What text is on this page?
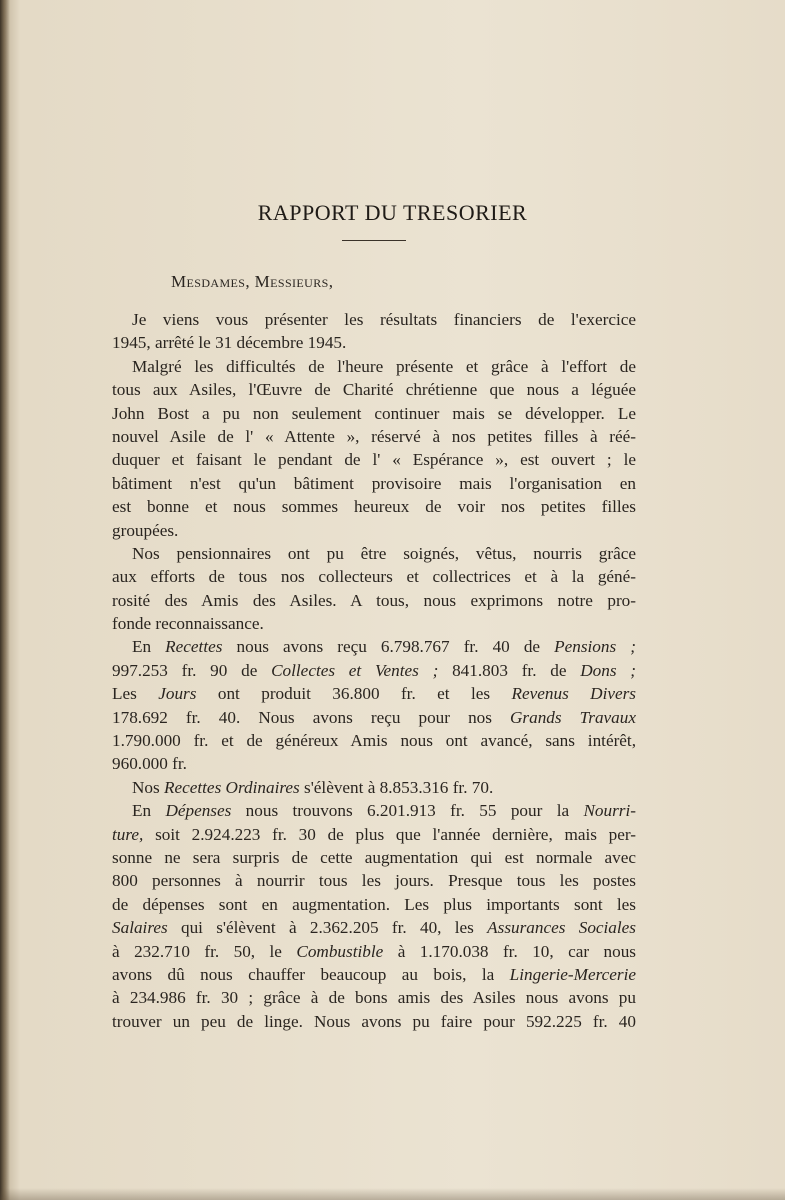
RAPPORT DU TRESORIER
Mesdames, Messieurs,
Je viens vous présenter les résultats financiers de l'exercice
1945, arrêté le 31 décembre 1945.
Malgré les difficultés de l'heure présente et grâce à l'effort de
tous aux Asiles, l'Œuvre de Charité chrétienne que nous a léguée
John Bost a pu non seulement continuer mais se développer. Le
nouvel Asile de l' « Attente », réservé à nos petites filles à réé-
duquer et faisant le pendant de l' « Espérance », est ouvert ; le
bâtiment n'est qu'un bâtiment provisoire mais l'organisation en
est bonne et nous sommes heureux de voir nos petites filles
groupées.
Nos pensionnaires ont pu être soignés, vêtus, nourris grâce
aux efforts de tous nos collecteurs et collectrices et à la géné-
rosité des Amis des Asiles. A tous, nous exprimons notre pro-
fonde reconnaissance.
En Recettes nous avons reçu 6.798.767 fr. 40 de Pensions ;
997.253 fr. 90 de Collectes et Ventes ; 841.803 fr. de Dons ;
Les Jours ont produit 36.800 fr. et les Revenus Divers
178.692 fr. 40. Nous avons reçu pour nos Grands Travaux
1.790.000 fr. et de généreux Amis nous ont avancé, sans intérêt,
960.000 fr.
Nos Recettes Ordinaires s'élèvent à 8.853.316 fr. 70.
En Dépenses nous trouvons 6.201.913 fr. 55 pour la Nourri-
ture, soit 2.924.223 fr. 30 de plus que l'année dernière, mais per-
sonne ne sera surpris de cette augmentation qui est normale avec
800 personnes à nourrir tous les jours. Presque tous les postes
de dépenses sont en augmentation. Les plus importants sont les
Salaires qui s'élèvent à 2.362.205 fr. 40, les Assurances Sociales
à 232.710 fr. 50, le Combustible à 1.170.038 fr. 10, car nous
avons dû nous chauffer beaucoup au bois, la Lingerie-Mercerie
à 234.986 fr. 30 ; grâce à de bons amis des Asiles nous avons pu
trouver un peu de linge. Nous avons pu faire pour 592.225 fr. 40
